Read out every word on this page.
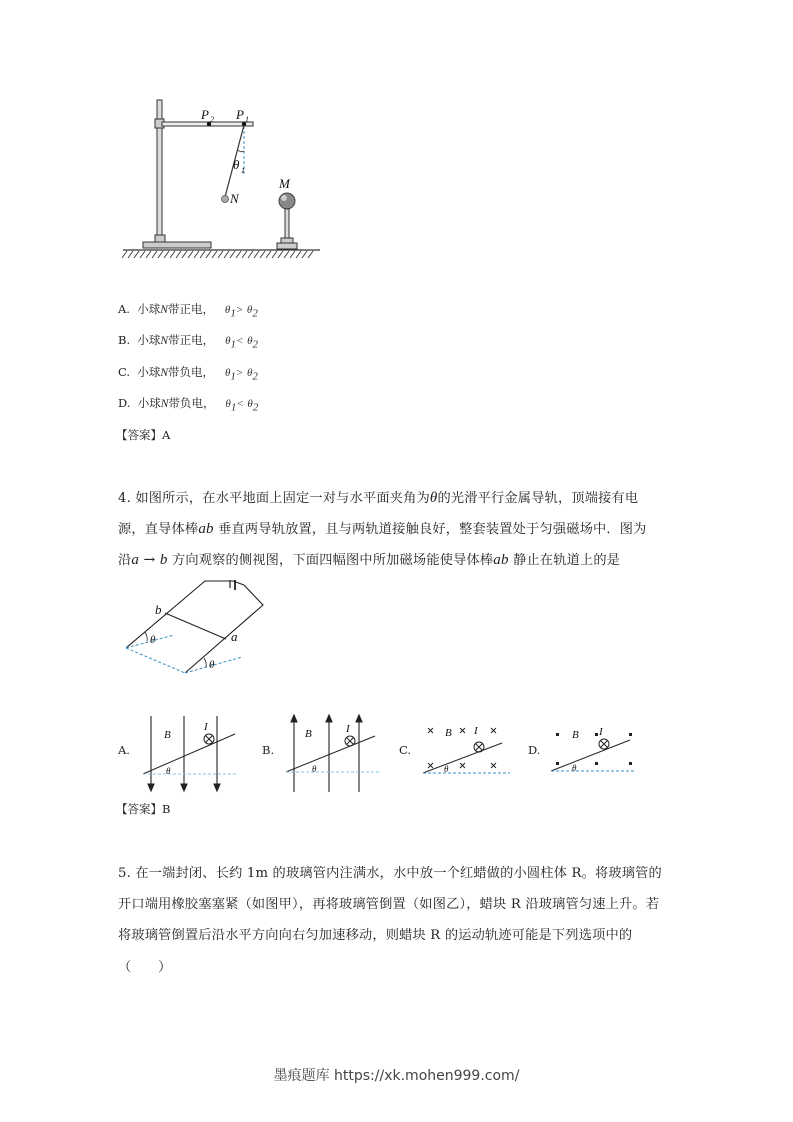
P 2 P 1
θ 1
N
M
A. 小球N带正电， $\theta_1> \theta_2$
B. 小球N带正电， $\theta_1< \theta_2$
C. 小球N带负电， $\theta_1> \theta_2$
D. 小球N带负电， $\theta_1< \theta_2$
【答案】A
4. 如图所示，在水平地面上固定一对与水平面夹角为θ的光滑平行金属导轨，顶端接有电
源，直导体棒ab 垂直两导轨放置，且与两轨道接触良好，整套装置处于匀强磁场中．图为
沿a → b 方向观察的侧视图，下面四幅图中所加磁场能使导体棒ab 静止在轨道上的是
b
a
θ
θ
A.
B
I
θ
B.
B	I
θ
C.
B I
θ
D.
B I
θ
【答案】B
5. 在一端封闭、长约 1m 的玻璃管内注满水，水中放一个红蜡做的小圆柱体 R。将玻璃管的
开口端用橡胶塞塞紧（如图甲），再将玻璃管倒置（如图乙），蜡块 R 沿玻璃管匀速上升。若
将玻璃管倒置后沿水平方向向右匀加速移动，则蜡块 R 的运动轨迹可能是下列选项中的
（　　）
墨痕题库 https://xk.mohen999.com/
